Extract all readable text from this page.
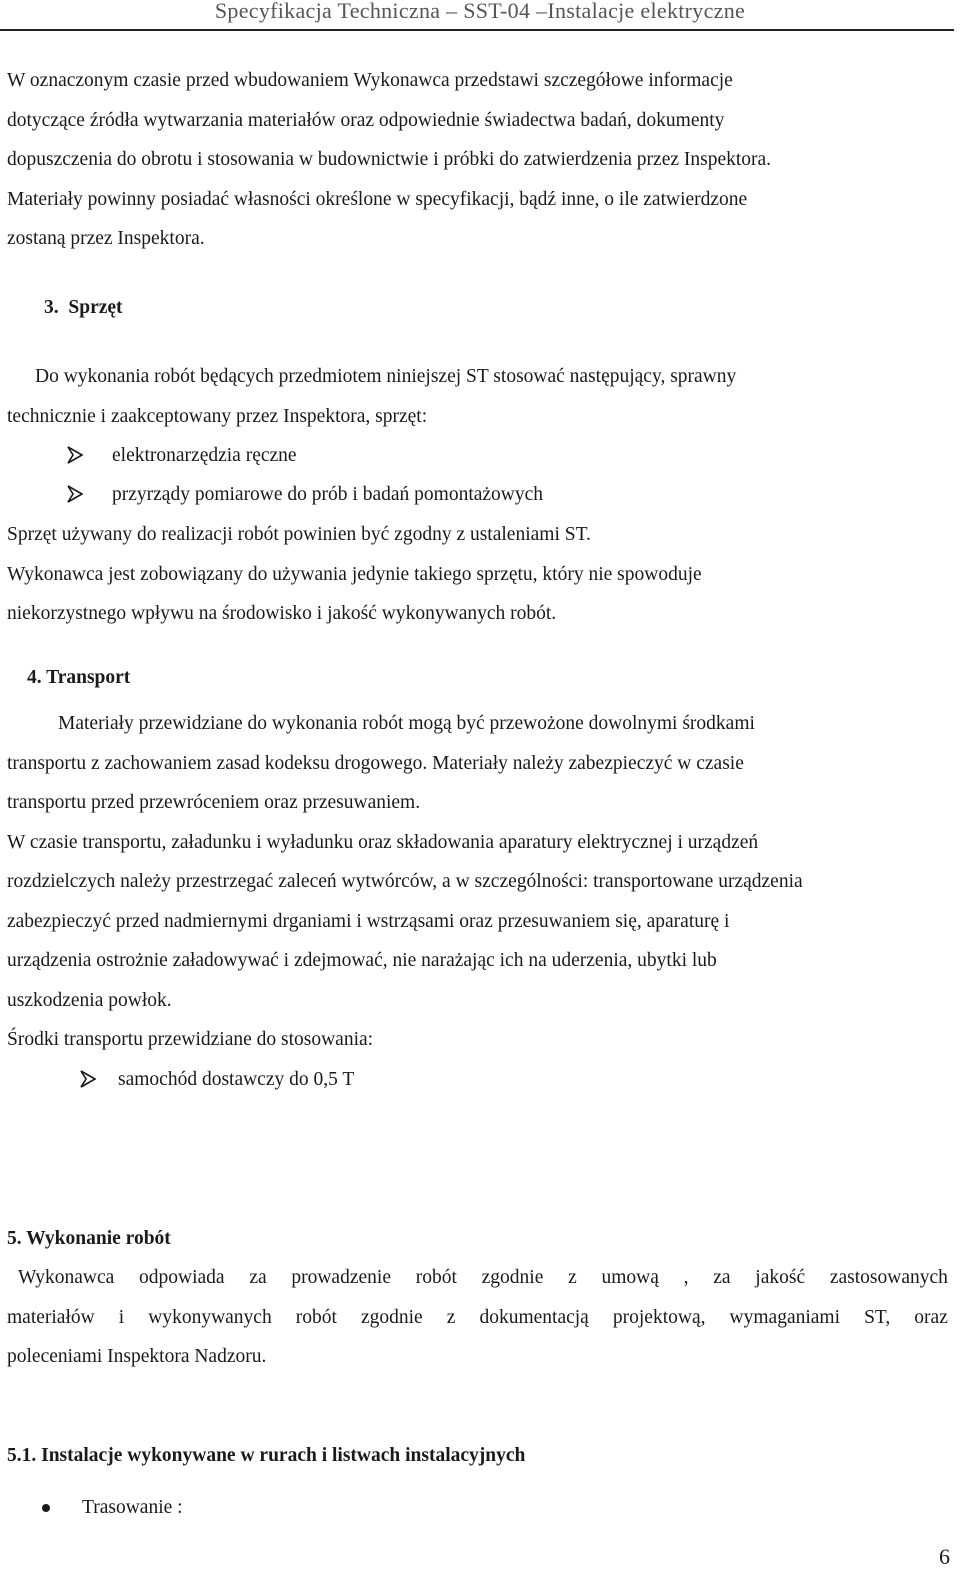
Specyfikacja Techniczna – SST-04 –Instalacje elektryczne
W oznaczonym czasie przed wbudowaniem Wykonawca przedstawi szczegółowe informacje
dotyczące źródła wytwarzania materiałów oraz odpowiednie świadectwa badań, dokumenty
dopuszczenia do obrotu i stosowania w budownictwie i próbki do zatwierdzenia przez Inspektora.
Materiały powinny posiadać własności określone w specyfikacji, bądź inne, o ile zatwierdzone
zostaną przez Inspektora.
3.  Sprzęt
Do wykonania robót będących przedmiotem niniejszej ST stosować następujący, sprawny
technicznie i zaakceptowany przez Inspektora, sprzęt:
elektronarzędzia ręczne
przyrządy pomiarowe do prób i badań pomontażowych
Sprzęt używany do realizacji robót powinien być zgodny z ustaleniami ST.
Wykonawca jest zobowiązany do używania jedynie takiego sprzętu, który nie spowoduje
niekorzystnego wpływu na środowisko i jakość wykonywanych robót.
4. Transport
Materiały przewidziane do wykonania robót mogą być przewożone dowolnymi środkami
transportu z zachowaniem zasad kodeksu drogowego. Materiały należy zabezpieczyć w czasie
transportu przed przewróceniem oraz przesuwaniem.
W czasie transportu, załadunku i wyładunku oraz składowania aparatury elektrycznej i urządzeń
rozdzielczych należy przestrzegać zaleceń wytwórców, a w szczególności: transportowane urządzenia
zabezpieczyć przed nadmiernymi drganiami i wstrząsami oraz przesuwaniem się, aparaturę i
urządzenia ostrożnie załadowywać i zdejmować, nie narażając ich na uderzenia, ubytki lub
uszkodzenia powłok.
Środki transportu przewidziane do stosowania:
samochód dostawczy do 0,5 T
5. Wykonanie robót
Wykonawca odpowiada za prowadzenie robót zgodnie z umową , za jakość zastosowanych
materiałów i wykonywanych robót zgodnie z dokumentacją projektową, wymaganiami ST, oraz
poleceniami Inspektora Nadzoru.
5.1. Instalacje wykonywane w rurach i listwach instalacyjnych
Trasowanie :
6
